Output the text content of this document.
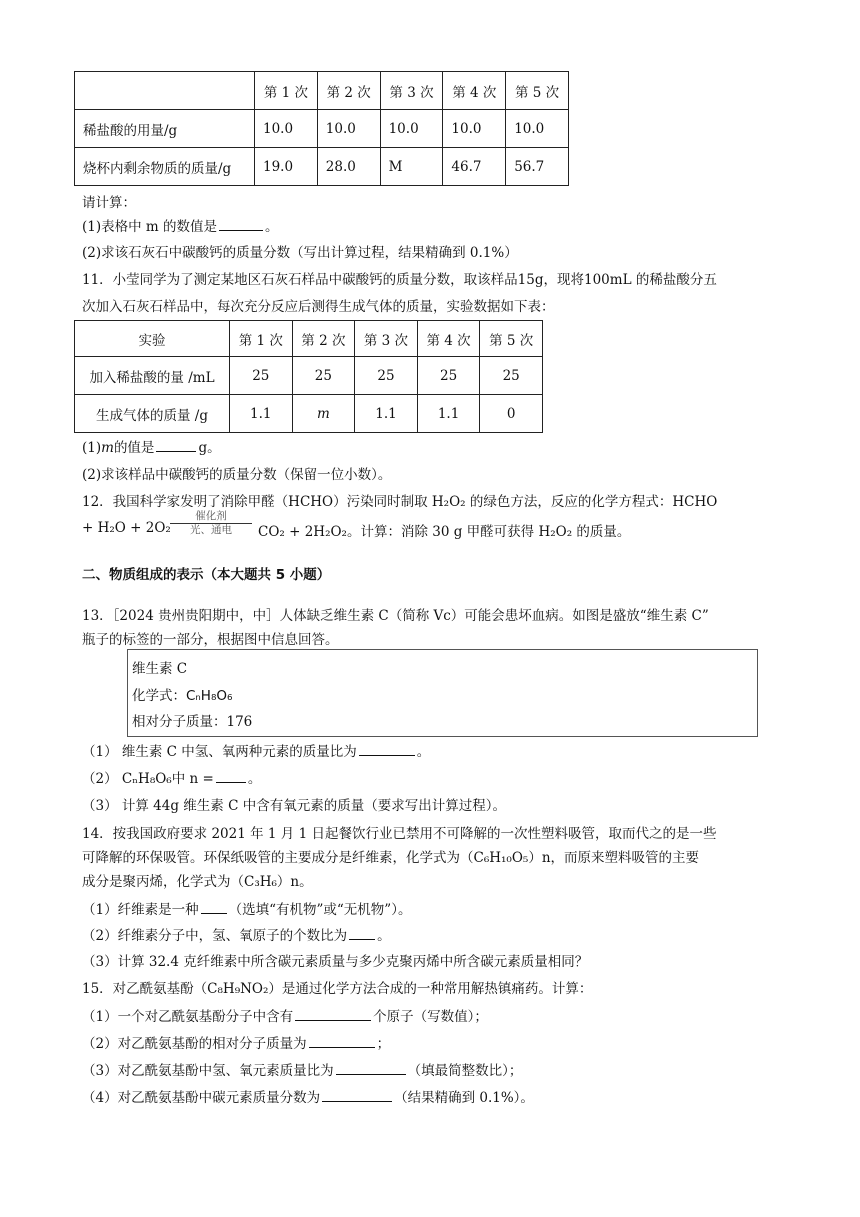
	第 1 次	第 2 次	第 3 次	第 4 次	第 5 次
稀盐酸的用量/g	10.0	10.0	10.0	10.0	10.0
烧杯内剩余物质的质量/g	19.0	28.0	M	46.7	56.7
请计算：
(1)表格中 m 的数值是	。
(2)求该石灰石中碳酸钙的质量分数（写出计算过程，结果精确到 0.1%）
11．小莹同学为了测定某地区石灰石样品中碳酸钙的质量分数，取该样品15g，现将100mL 的稀盐酸分五
次加入石灰石样品中，每次充分反应后测得生成气体的质量，实验数据如下表：
实验	第 1 次	第 2 次	第 3 次	第 4 次	第 5 次
加入稀盐酸的量 /mL	25	25	25	25	25
生成气体的质量 /g	1.1	m	1.1	1.1	0
(1)m的值是	g。
(2)求该样品中碳酸钙的质量分数（保留一位小数）。
12．我国科学家发明了消除甲醛（HCHO）污染同时制取 H₂O₂ 的绿色方法，反应的化学方程式：HCHO
+ H₂O + 2O₂
催化剂
光、通电	CO₂ + 2H₂O₂。计算：消除 30 g 甲醛可获得 H₂O₂ 的质量。
二、物质组成的表示（本大题共 5 小题）
13．［2024 贵州贵阳期中，中］人体缺乏维生素 C（简称 Vc）可能会患坏血病。如图是盛放“维生素 C”
瓶子的标签的一部分，根据图中信息回答。
维生素 C
化学式：CₙH₈O₆
相对分子质量：176
（1） 维生素 C 中氢、氧两种元素的质量比为	。
（2） CₙH₈O₆中 n =	。
（3） 计算 44g 维生素 C 中含有氧元素的质量（要求写出计算过程）。
14．按我国政府要求 2021 年 1 月 1 日起餐饮行业已禁用不可降解的一次性塑料吸管，取而代之的是一些
可降解的环保吸管。环保纸吸管的主要成分是纤维素，化学式为（C₆H₁₀O₅）n，而原来塑料吸管的主要
成分是聚丙烯，化学式为（C₃H₆）n。
（1）纤维素是一种 （选填“有机物”或“无机物”）。
（2）纤维素分子中，氢、氧原子的个数比为 。
（3）计算 32.4 克纤维素中所含碳元素质量与多少克聚丙烯中所含碳元素质量相同？
15．对乙酰氨基酚（C₈H₉NO₂）是通过化学方法合成的一种常用解热镇痛药。计算：
（1）一个对乙酰氨基酚分子中含有	个原子（写数值）；
（2）对乙酰氨基酚的相对分子质量为	；
（3）对乙酰氨基酚中氢、氧元素质量比为	（填最简整数比）；
（4）对乙酰氨基酚中碳元素质量分数为	（结果精确到 0.1%）。
